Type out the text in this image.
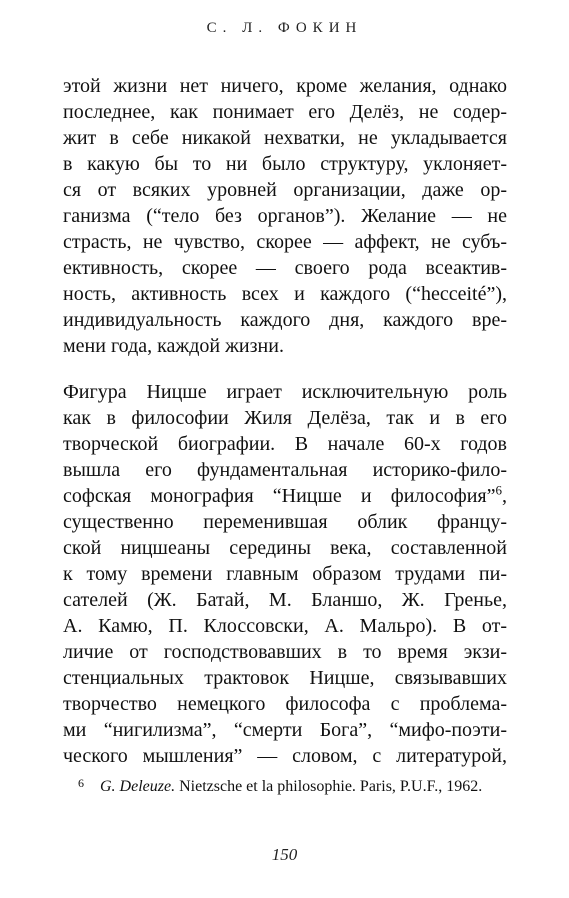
С. Л. ФОКИН
этой жизни нет ничего, кроме желания, однако
последнее, как понимает его Делёз, не содер-
жит в себе никакой нехватки, не укладывается
в какую бы то ни было структуру, уклоняет-
ся от всяких уровней организации, даже ор-
ганизма (“тело без органов”). Желание — не
страсть, не чувство, скорее — аффект, не субъ-
ективность, скорее — своего рода всеактив-
ность, активность всех и каждого (“hecceité”),
индивидуальность каждого дня, каждого вре-
мени года, каждой жизни.
Фигура Ницше играет исключительную роль
как в философии Жиля Делёза, так и в его
творческой биографии. В начале 60-х годов
вышла его фундаментальная историко-фило-
софская монография “Ницше и философия”$^6$,
существенно переменившая облик францу-
ской ницшеаны середины века, составленной
к тому времени главным образом трудами пи-
сателей (Ж. Батай, М. Бланшо, Ж. Гренье,
А. Камю, П. Клоссовски, А. Мальро). В от-
личие от господствовавших в то время экзи-
стенциальных трактовок Ницше, связывавших
творчество немецкого философа с проблема-
ми “нигилизма”, “смерти Бога”, “мифо-поэти-
ческого мышления” — словом, с литературой,
6 G. Deleuze. Nietzsche et la philosophie. Paris, P.U.F., 1962.
150
